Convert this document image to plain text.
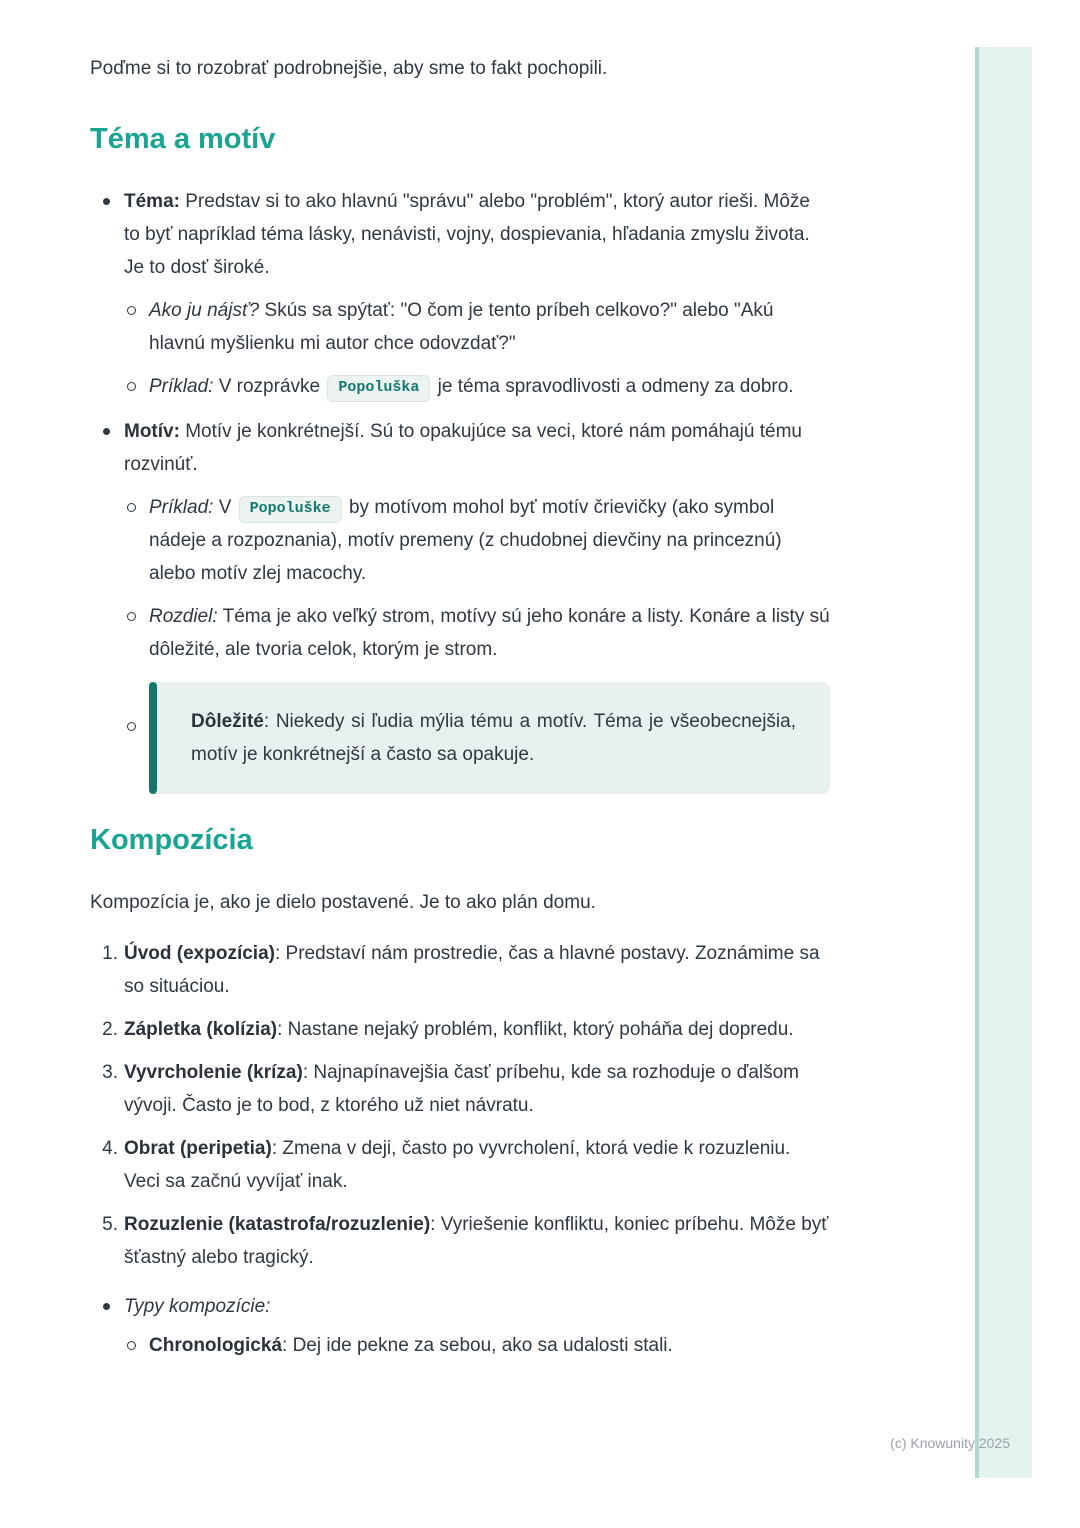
Poďme si to rozobrať podrobnejšie, aby sme to fakt pochopili.

Téma a motív

Téma: Predstav si to ako hlavnú "správu" alebo "problém", ktorý autor rieši. Môže to byť napríklad téma lásky, nenávisti, vojny, dospievania, hľadania zmyslu života. Je to dosť široké.

Ako ju nájsť? Skús sa spýtať: "O čom je tento príbeh celkovo?" alebo "Akú hlavnú myšlienku mi autor chce odovzdať?"

Príklad: V rozprávke Popoluška je téma spravodlivosti a odmeny za dobro.

Motív: Motív je konkrétnejší. Sú to opakujúce sa veci, ktoré nám pomáhajú tému rozvinúť.

Príklad: V Popoluške by motívom mohol byť motív črievičky (ako symbol nádeje a rozpoznania), motív premeny (z chudobnej dievčiny na princeznú) alebo motív zlej macochy.

Rozdiel: Téma je ako veľký strom, motívy sú jeho konáre a listy. Konáre a listy sú dôležité, ale tvoria celok, ktorým je strom.

Dôležité: Niekedy si ľudia mýlia tému a motív. Téma je všeobecnejšia, motív je konkrétnejší a často sa opakuje.

Kompozícia

Kompozícia je, ako je dielo postavené. Je to ako plán domu.

1. Úvod (expozícia): Predstaví nám prostredie, čas a hlavné postavy. Zoznámime sa so situáciou.

2. Zápletka (kolízia): Nastane nejaký problém, konflikt, ktorý poháňa dej dopredu.

3. Vyvrcholenie (kríza): Najnapínavejšia časť príbehu, kde sa rozhoduje o ďalšom vývoji. Často je to bod, z ktorého už niet návratu.

4. Obrat (peripetia): Zmena v deji, často po vyvrcholení, ktorá vedie k rozuzleniu. Veci sa začnú vyvíjať inak.

5. Rozuzlenie (katastrofa/rozuzlenie): Vyriešenie konfliktu, koniec príbehu. Môže byť šťastný alebo tragický.

Typy kompozície:

Chronologická: Dej ide pekne za sebou, ako sa udalosti stali.

(c) Knowunity 2025
